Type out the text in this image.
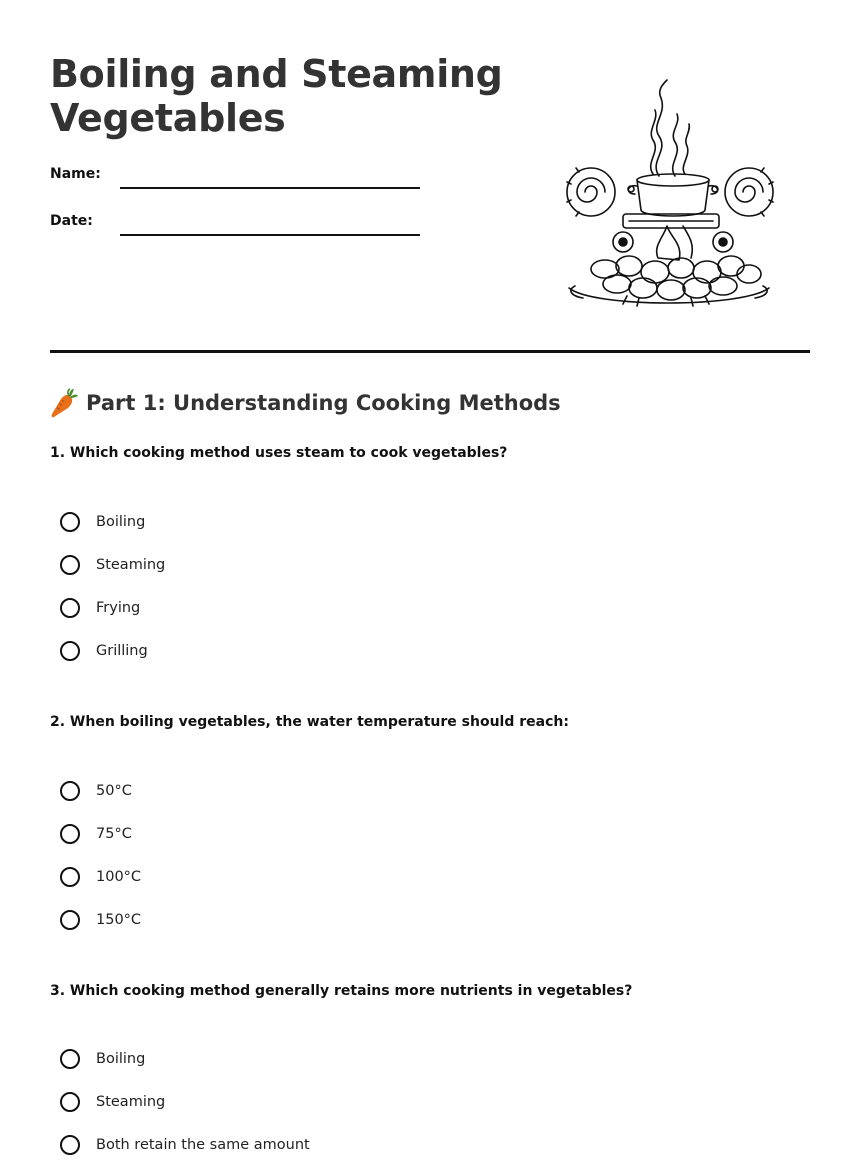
Boiling and Steaming Vegetables
Name:
Date:
Part 1: Understanding Cooking Methods
1. Which cooking method uses steam to cook vegetables?
Boiling
Steaming
Frying
Grilling
2. When boiling vegetables, the water temperature should reach:
50°C
75°C
100°C
150°C
3. Which cooking method generally retains more nutrients in vegetables?
Boiling
Steaming
Both retain the same amount
